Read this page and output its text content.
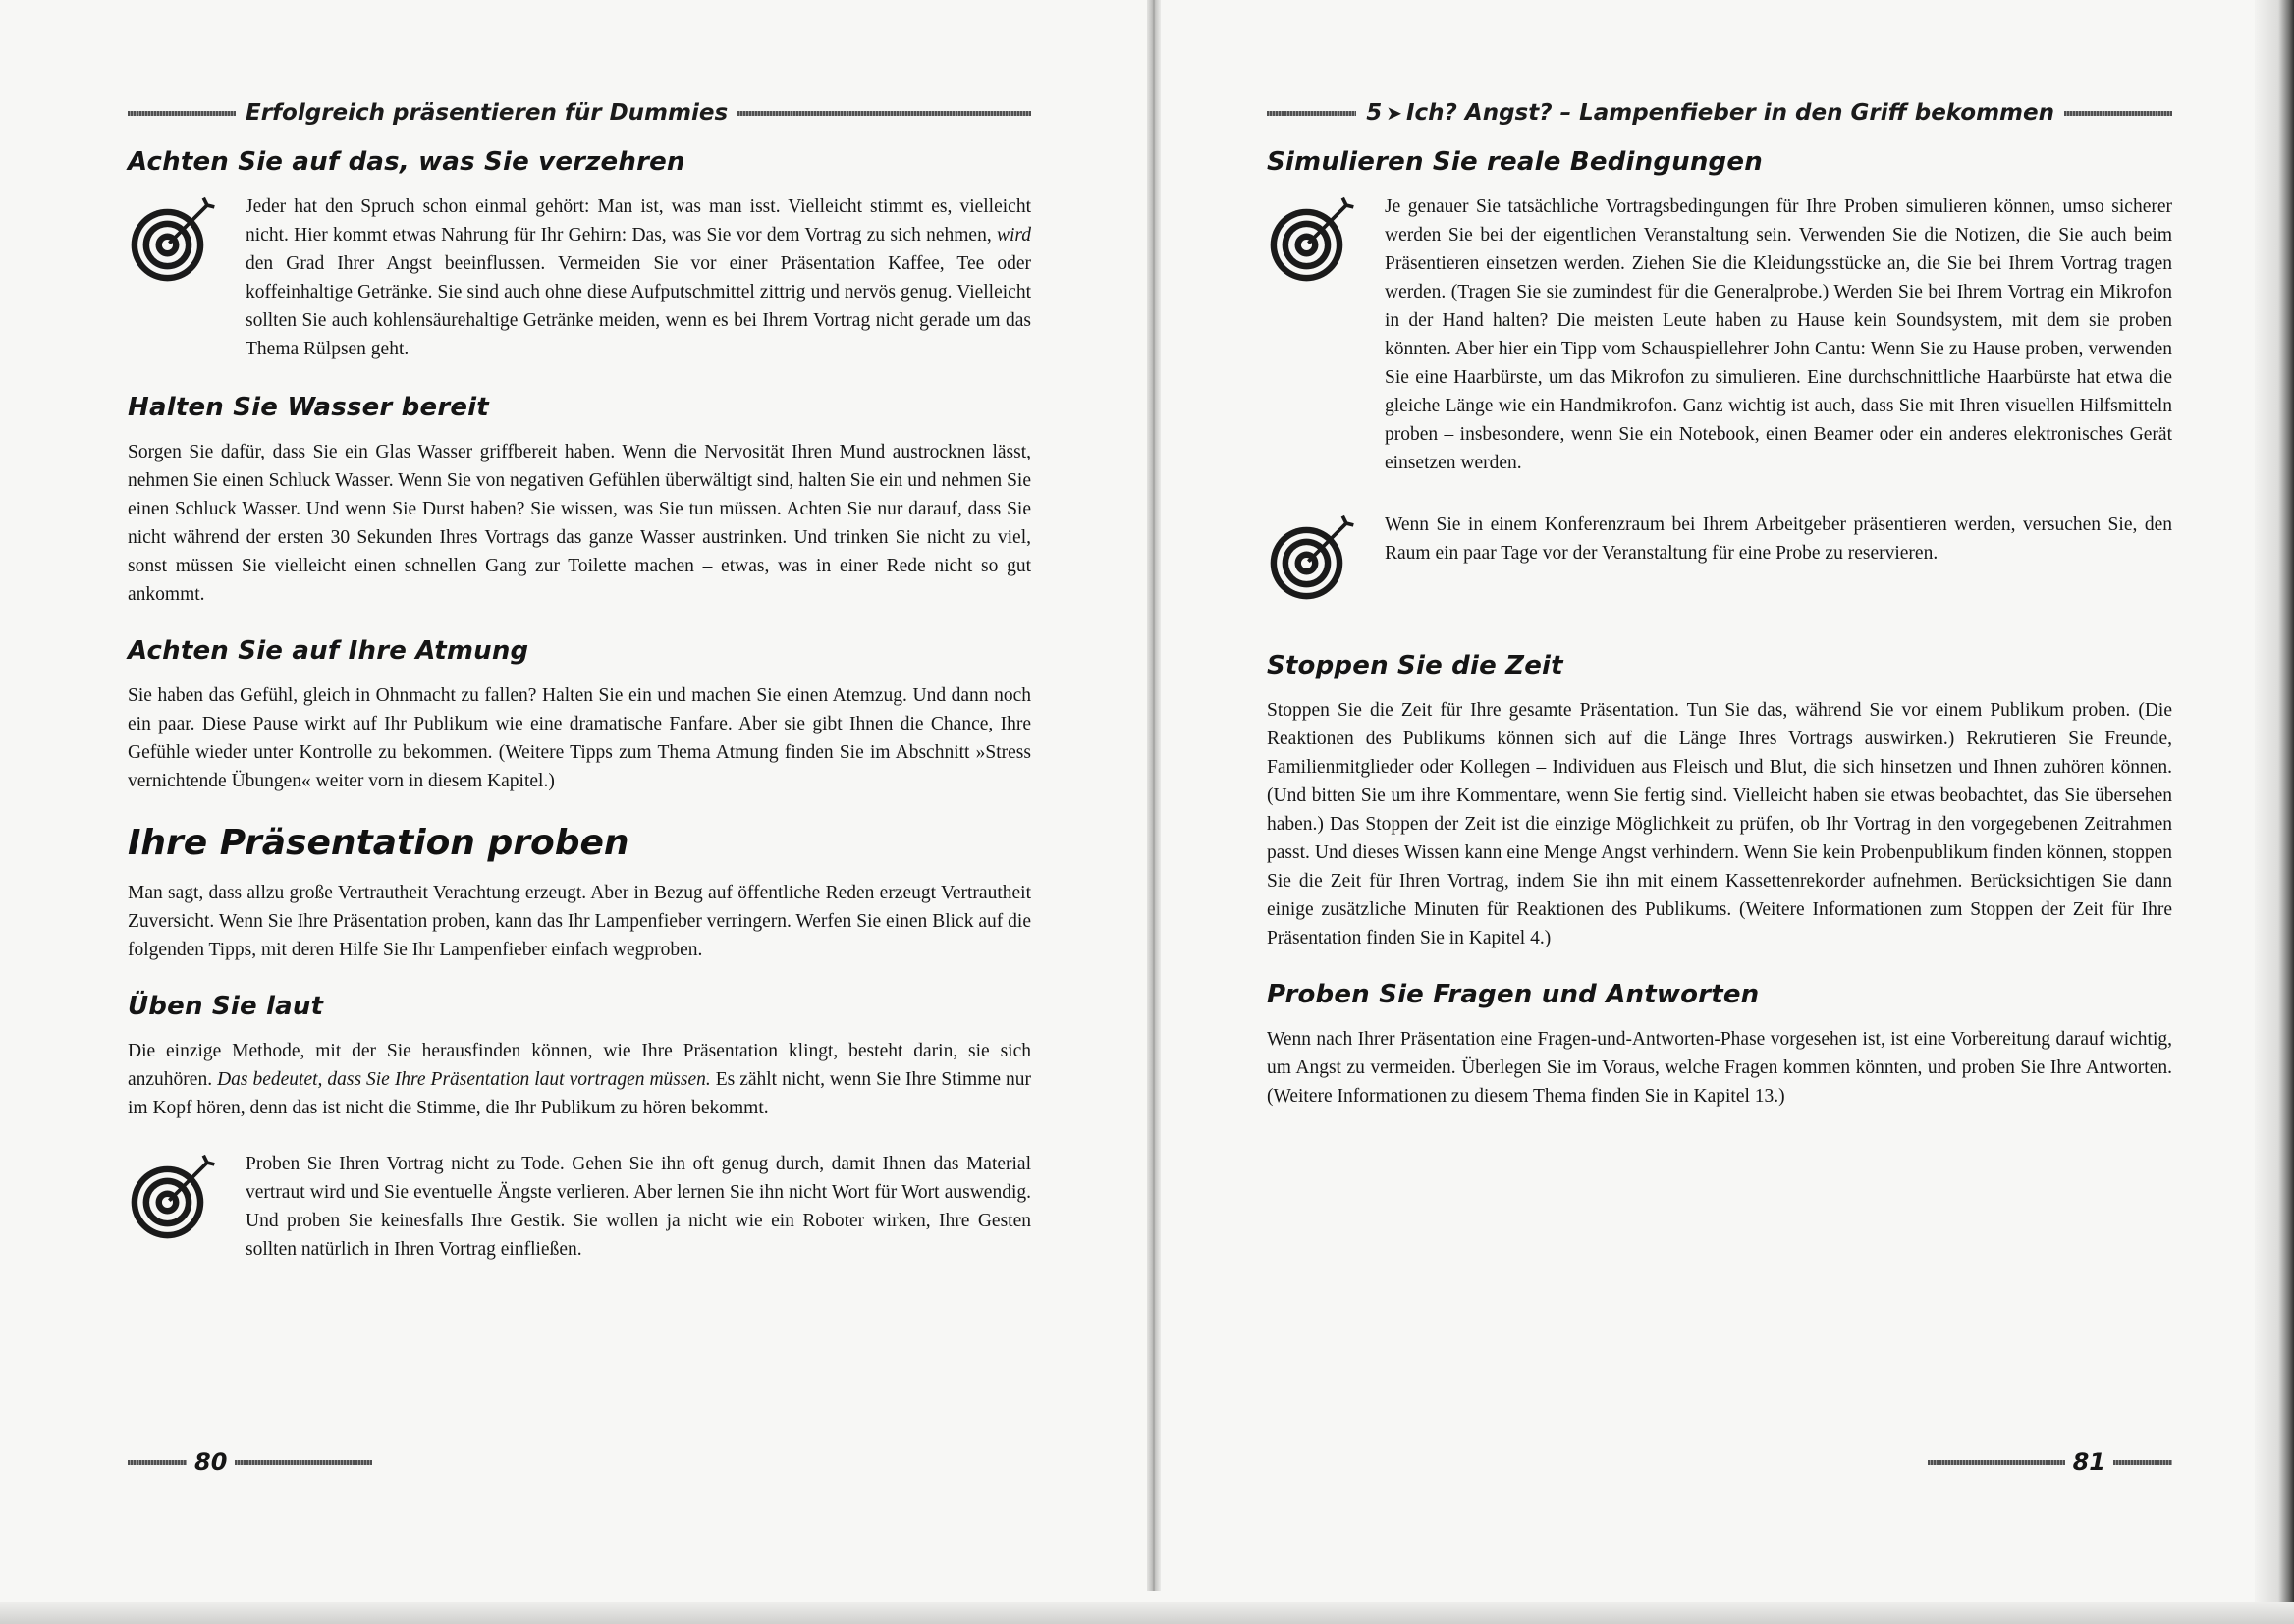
Erfolgreich präsentieren für Dummies
Achten Sie auf das, was Sie verzehren

Jeder hat den Spruch schon einmal gehört: Man ist, was man isst. Vielleicht stimmt es, vielleicht nicht. Hier kommt etwas Nahrung für Ihr Gehirn: Das, was Sie vor dem Vortrag zu sich nehmen, wird den Grad Ihrer Angst beeinflussen. Vermeiden Sie vor einer Präsentation Kaffee, Tee oder koffeinhaltige Getränke. Sie sind auch ohne diese Aufputschmittel zittrig und nervös genug. Vielleicht sollten Sie auch kohlensäurehaltige Getränke meiden, wenn es bei Ihrem Vortrag nicht gerade um das Thema Rülpsen geht.

Halten Sie Wasser bereit

Sorgen Sie dafür, dass Sie ein Glas Wasser griffbereit haben. Wenn die Nervosität Ihren Mund austrocknen lässt, nehmen Sie einen Schluck Wasser. Wenn Sie von negativen Gefühlen überwältigt sind, halten Sie ein und nehmen Sie einen Schluck Wasser. Und wenn Sie Durst haben? Sie wissen, was Sie tun müssen. Achten Sie nur darauf, dass Sie nicht während der ersten 30 Sekunden Ihres Vortrags das ganze Wasser austrinken. Und trinken Sie nicht zu viel, sonst müssen Sie vielleicht einen schnellen Gang zur Toilette machen – etwas, was in einer Rede nicht so gut ankommt.

Achten Sie auf Ihre Atmung

Sie haben das Gefühl, gleich in Ohnmacht zu fallen? Halten Sie ein und machen Sie einen Atemzug. Und dann noch ein paar. Diese Pause wirkt auf Ihr Publikum wie eine dramatische Fanfare. Aber sie gibt Ihnen die Chance, Ihre Gefühle wieder unter Kontrolle zu bekommen. (Weitere Tipps zum Thema Atmung finden Sie im Abschnitt »Stress vernichtende Übungen« weiter vorn in diesem Kapitel.)

Ihre Präsentation proben

Man sagt, dass allzu große Vertrautheit Verachtung erzeugt. Aber in Bezug auf öffentliche Reden erzeugt Vertrautheit Zuversicht. Wenn Sie Ihre Präsentation proben, kann das Ihr Lampenfieber verringern. Werfen Sie einen Blick auf die folgenden Tipps, mit deren Hilfe Sie Ihr Lampenfieber einfach wegproben.

Üben Sie laut

Die einzige Methode, mit der Sie herausfinden können, wie Ihre Präsentation klingt, besteht darin, sie sich anzuhören. Das bedeutet, dass Sie Ihre Präsentation laut vortragen müssen. Es zählt nicht, wenn Sie Ihre Stimme nur im Kopf hören, denn das ist nicht die Stimme, die Ihr Publikum zu hören bekommt.

Proben Sie Ihren Vortrag nicht zu Tode. Gehen Sie ihn oft genug durch, damit Ihnen das Material vertraut wird und Sie eventuelle Ängste verlieren. Aber lernen Sie ihn nicht Wort für Wort auswendig. Und proben Sie keinesfalls Ihre Gestik. Sie wollen ja nicht wie ein Roboter wirken, Ihre Gesten sollten natürlich in Ihren Vortrag einfließen.

80
5 ➤ Ich? Angst? – Lampenfieber in den Griff bekommen
Simulieren Sie reale Bedingungen

Je genauer Sie tatsächliche Vortragsbedingungen für Ihre Proben simulieren können, umso sicherer werden Sie bei der eigentlichen Veranstaltung sein. Verwenden Sie die Notizen, die Sie auch beim Präsentieren einsetzen werden. Ziehen Sie die Kleidungsstücke an, die Sie bei Ihrem Vortrag tragen werden. (Tragen Sie sie zumindest für die Generalprobe.) Werden Sie bei Ihrem Vortrag ein Mikrofon in der Hand halten? Die meisten Leute haben zu Hause kein Soundsystem, mit dem sie proben könnten. Aber hier ein Tipp vom Schauspiellehrer John Cantu: Wenn Sie zu Hause proben, verwenden Sie eine Haarbürste, um das Mikrofon zu simulieren. Eine durchschnittliche Haarbürste hat etwa die gleiche Länge wie ein Handmikrofon. Ganz wichtig ist auch, dass Sie mit Ihren visuellen Hilfsmitteln proben – insbesondere, wenn Sie ein Notebook, einen Beamer oder ein anderes elektronisches Gerät einsetzen werden.

Wenn Sie in einem Konferenzraum bei Ihrem Arbeitgeber präsentieren werden, versuchen Sie, den Raum ein paar Tage vor der Veranstaltung für eine Probe zu reservieren.

Stoppen Sie die Zeit

Stoppen Sie die Zeit für Ihre gesamte Präsentation. Tun Sie das, während Sie vor einem Publikum proben. (Die Reaktionen des Publikums können sich auf die Länge Ihres Vortrags auswirken.) Rekrutieren Sie Freunde, Familienmitglieder oder Kollegen – Individuen aus Fleisch und Blut, die sich hinsetzen und Ihnen zuhören können. (Und bitten Sie um ihre Kommentare, wenn Sie fertig sind. Vielleicht haben sie etwas beobachtet, das Sie übersehen haben.) Das Stoppen der Zeit ist die einzige Möglichkeit zu prüfen, ob Ihr Vortrag in den vorgegebenen Zeitrahmen passt. Und dieses Wissen kann eine Menge Angst verhindern. Wenn Sie kein Probenpublikum finden können, stoppen Sie die Zeit für Ihren Vortrag, indem Sie ihn mit einem Kassettenrekorder aufnehmen. Berücksichtigen Sie dann einige zusätzliche Minuten für Reaktionen des Publikums. (Weitere Informationen zum Stoppen der Zeit für Ihre Präsentation finden Sie in Kapitel 4.)

Proben Sie Fragen und Antworten

Wenn nach Ihrer Präsentation eine Fragen-und-Antworten-Phase vorgesehen ist, ist eine Vorbereitung darauf wichtig, um Angst zu vermeiden. Überlegen Sie im Voraus, welche Fragen kommen könnten, und proben Sie Ihre Antworten. (Weitere Informationen zu diesem Thema finden Sie in Kapitel 13.)

81
